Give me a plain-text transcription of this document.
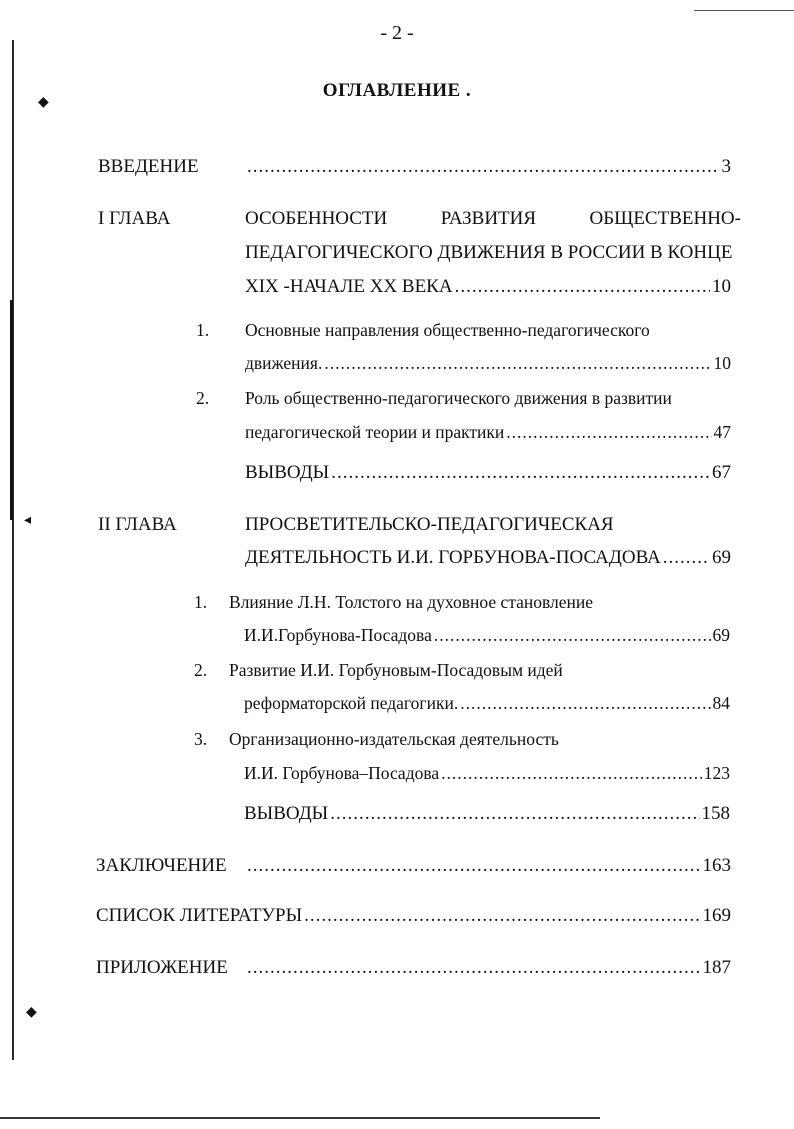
◆
◂
◆
- 2 -
ОГЛАВЛЕНИЕ .
ВВЕДЕНИЕ .....	3
I ГЛАВА	ОСОБЕННОСТИ	РАЗВИТИЯ	ОБЩЕСТВЕННО-
ПЕДАГОГИЧЕСКОГО ДВИЖЕНИЯ В РОССИИ В КОНЦЕ
XIX -НАЧАЛЕ XX ВЕКА .....	10
1. Основные направления общественно-педагогического
движения. .....	10
2. Роль общественно-педагогического движения в развитии
педагогической теории и практики .....	47
ВЫВОДЫ .....	67
II ГЛАВА	ПРОСВЕТИТЕЛЬСКО-ПЕДАГОГИЧЕСКАЯ
ДЕЯТЕЛЬНОСТЬ И.И. ГОРБУНОВА-ПОСАДОВА .....	69
1. Влияние Л.Н. Толстого на духовное становление
И.И.Горбунова-Посадова .....	69
2. Развитие И.И. Горбуновым-Посадовым идей
реформаторской педагогики. .....	84
3. Организационно-издательская деятельность
И.И. Горбунова–Посадова .....	123
ВЫВОДЫ .....	158
ЗАКЛЮЧЕНИЕ .....	163
СПИСОК ЛИТЕРАТУРЫ .....	169
ПРИЛОЖЕНИЕ .....	187
